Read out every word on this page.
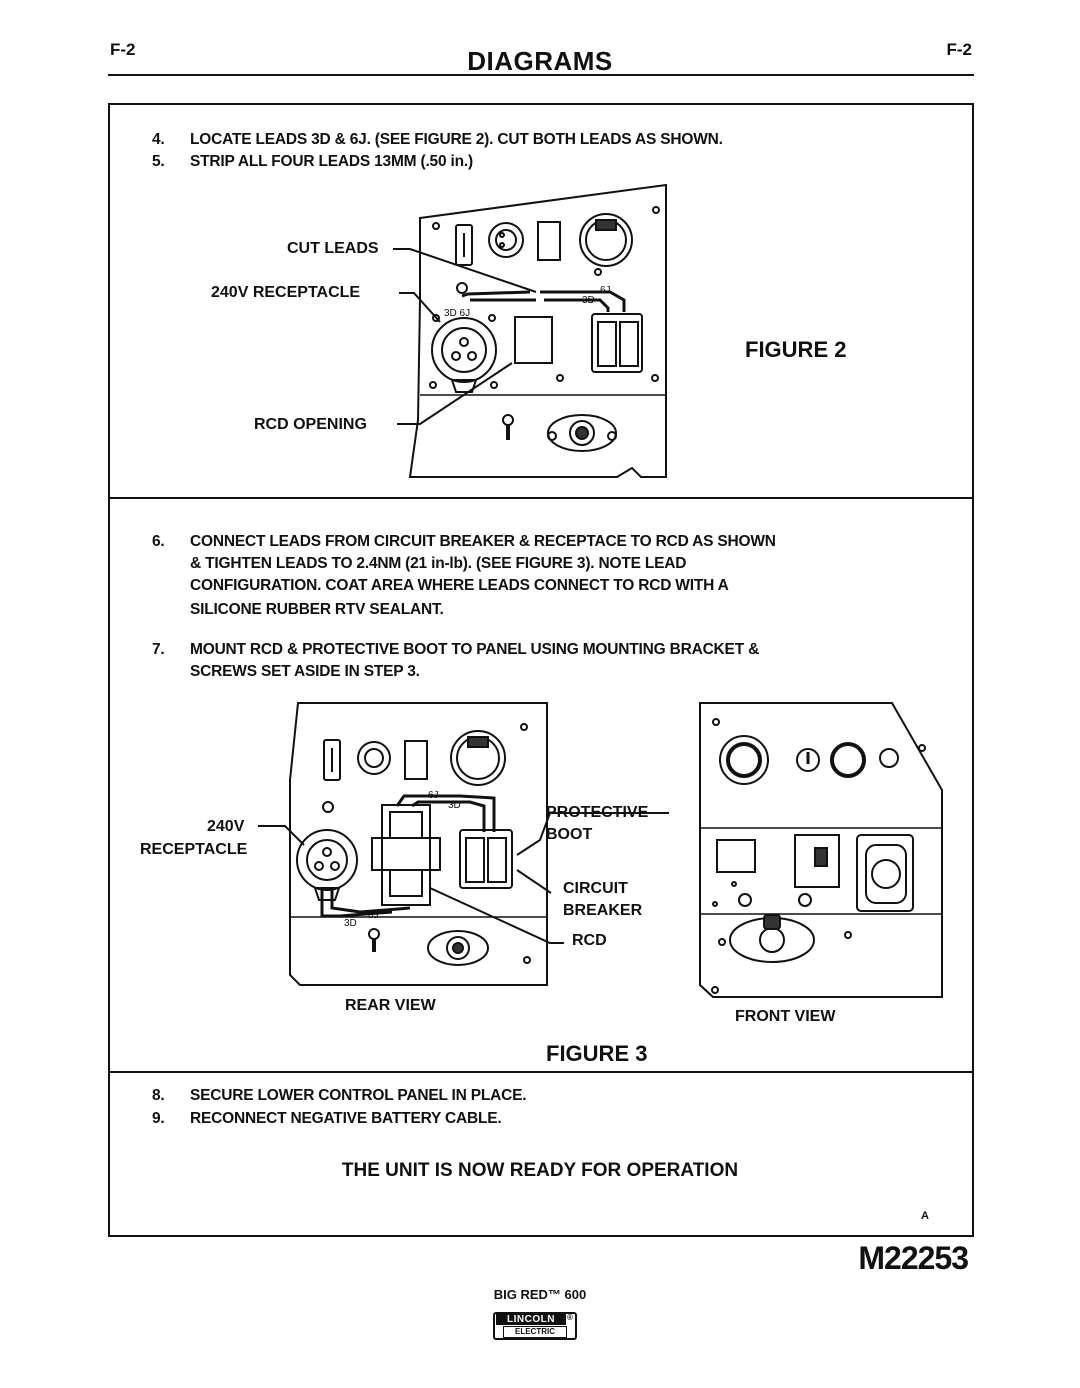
F-2	DIAGRAMS	F-2
4. LOCATE LEADS 3D & 6J. (SEE FIGURE 2). CUT BOTH LEADS AS SHOWN.
5. STRIP ALL FOUR LEADS 13MM (.50 in.)
CUT LEADS
240V RECEPTACLE
RCD OPENING
FIGURE 2
6J
3D
3D 6J
6. CONNECT LEADS FROM CIRCUIT BREAKER & RECEPTACE TO RCD AS SHOWN
& TIGHTEN LEADS TO 2.4NM (21 in-lb). (SEE FIGURE 3). NOTE LEAD
CONFIGURATION. COAT AREA WHERE LEADS CONNECT TO RCD WITH A
SILICONE RUBBER RTV SEALANT.
7. MOUNT RCD & PROTECTIVE BOOT TO PANEL USING MOUNTING BRACKET &
SCREWS SET ASIDE IN STEP 3.
240V
RECEPTACLE
PROTECTIVE
BOOT
CIRCUIT
BREAKER
RCD
REAR VIEW
FRONT VIEW
FIGURE 3
6J
3D
6J
3D
8. SECURE LOWER CONTROL PANEL IN PLACE.
9. RECONNECT NEGATIVE BATTERY CABLE.
THE UNIT IS NOW READY FOR OPERATION
A
M22253
BIG RED™ 600
LINCOLN	®
ELECTRIC
